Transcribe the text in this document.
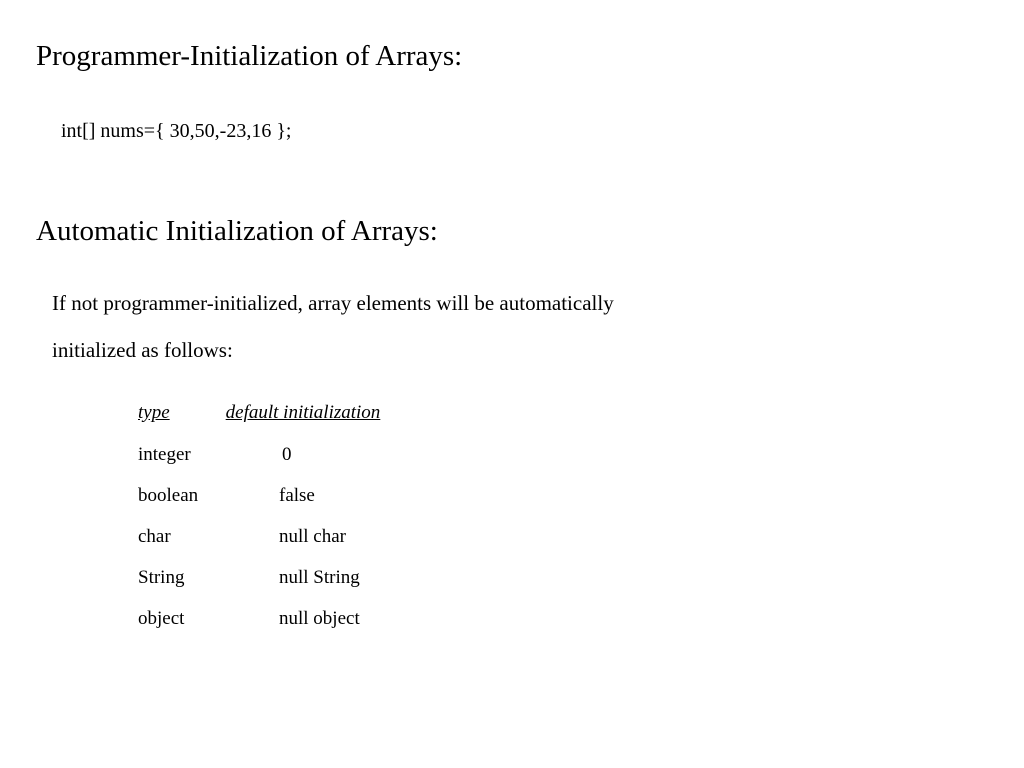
Programmer-Initialization of Arrays:
int[] nums={ 30,50,-23,16 };
Automatic Initialization of Arrays:
If not programmer-initialized, array elements will be automatically
initialized as follows:
type	default initialization
integer	0
boolean	false
char	null char
String	null String
object	null object
